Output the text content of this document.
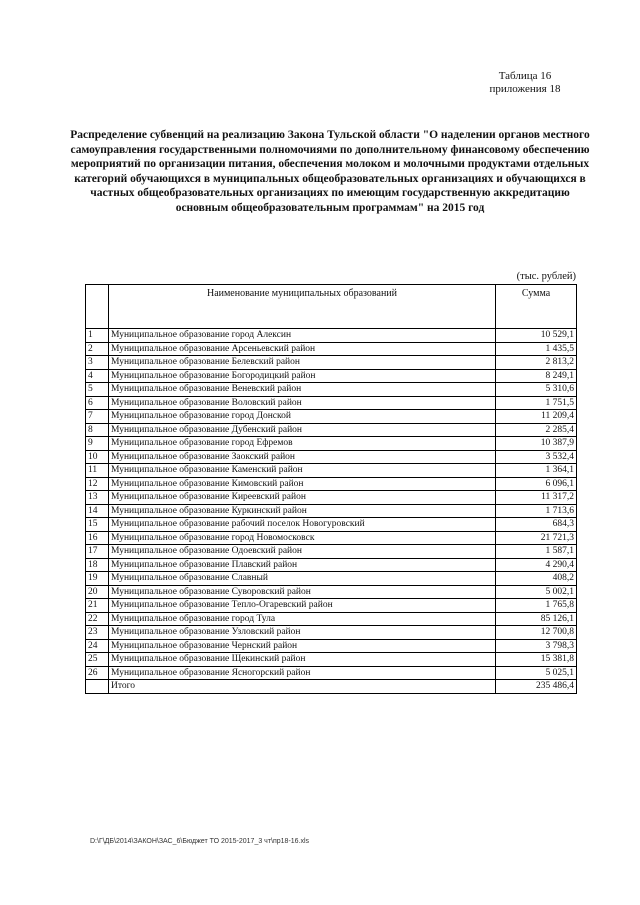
Таблица 16
приложения 18
Распределение субвенций на реализацию Закона Тульской области "О наделении органов местного самоуправления государственными полномочиями по дополнительному финансовому обеспечению мероприятий по организации питания, обеспечения молоком и молочными продуктами отдельных категорий обучающихся в муниципальных общеобразовательных организациях и обучающихся в частных общеобразовательных организациях по имеющим государственную аккредитацию основным общеобразовательным программам" на 2015 год
(тыс. рублей)
	Наименование муниципальных образований	Сумма
1	Муниципальное образование город Алексин	10 529,1
2	Муниципальное образование Арсеньевский район	1 435,5
3	Муниципальное образование Белевский район	2 813,2
4	Муниципальное образование Богородицкий район	8 249,1
5	Муниципальное образование Веневский район	5 310,6
6	Муниципальное образование Воловский район	1 751,5
7	Муниципальное образование город Донской	11 209,4
8	Муниципальное образование Дубенский район	2 285,4
9	Муниципальное образование город Ефремов	10 387,9
10	Муниципальное образование Заокский район	3 532,4
11	Муниципальное образование Каменский район	1 364,1
12	Муниципальное образование Кимовский район	6 096,1
13	Муниципальное образование Киреевский район	11 317,2
14	Муниципальное образование Куркинский район	1 713,6
15	Муниципальное образование рабочий поселок Новогуровский	684,3
16	Муниципальное образование город Новомосковск	21 721,3
17	Муниципальное образование Одоевский район	1 587,1
18	Муниципальное образование Плавский район	4 290,4
19	Муниципальное образование Славный	408,2
20	Муниципальное образование Суворовский район	5 002,1
21	Муниципальное образование Тепло-Огаревский район	1 765,8
22	Муниципальное образование город Тула	85 126,1
23	Муниципальное образование Узловский район	12 700,8
24	Муниципальное образование Чернский район	3 798,3
25	Муниципальное образование Щекинский район	15 381,8
26	Муниципальное образование Ясногорский район	5 025,1
	Итого	235 486,4
D:\Г\ДБ\2014\ЗАКОН\ЗАС_6\Бюджет ТО 2015-2017_3 чт\пр18-16.xls
